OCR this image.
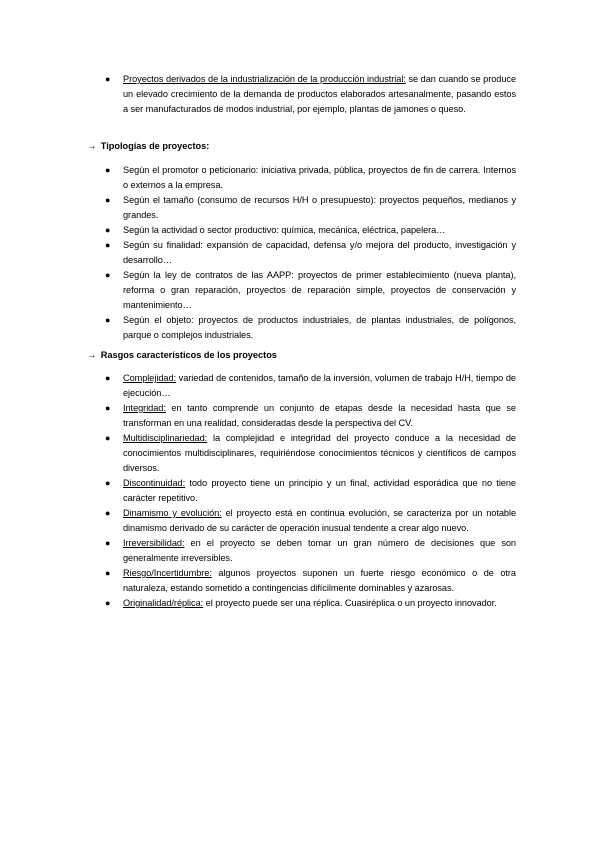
● Proyectos derivados de la industrialización de la producción industrial: se dan cuando se produce un elevado crecimiento de la demanda de productos elaborados artesanalmente, pasando estos a ser manufacturados de modos industrial, por ejemplo, plantas de jamones o queso.
→ Tipologías de proyectos:
● Según el promotor o peticionario: iniciativa privada, pública, proyectos de fin de carrera. Internos o externos a la empresa.
● Según el tamaño (consumo de recursos H/H o presupuesto): proyectos pequeños, medianos y grandes.
● Según la actividad o sector productivo: química, mecánica, eléctrica, papelera…
● Según su finalidad: expansión de capacidad, defensa y/o mejora del producto, investigación y desarrollo…
● Según la ley de contratos de las AAPP: proyectos de primer establecimiento (nueva planta), reforma o gran reparación, proyectos de reparación simple, proyectos de conservación y mantenimiento…
● Según el objeto: proyectos de productos industriales, de plantas industriales, de polígonos, parque o complejos industriales.
→ Rasgos característicos de los proyectos
● Complejidad: variedad de contenidos, tamaño de la inversión, volumen de trabajo H/H, tiempo de ejecución…
● Integridad: en tanto comprende un conjunto de etapas desde la necesidad hasta que se transforman en una realidad, consideradas desde la perspectiva del CV.
● Multidisciplinariedad: la complejidad e integridad del proyecto conduce a la necesidad de conocimientos multidisciplinares, requiriéndose conocimientos técnicos y científicos de campos diversos.
● Discontinuidad: todo proyecto tiene un principio y un final, actividad esporádica que no tiene carácter repetitivo.
● Dinamismo y evolución: el proyecto está en continua evolución, se caracteriza por un notable dinamismo derivado de su carácter de operación inusual tendente a crear algo nuevo.
● Irreversibilidad: en el proyecto se deben tomar un gran número de decisiones que son generalmente irreversibles.
● Riesgo/Incertidumbre: algunos proyectos suponen un fuerte riesgo económico o de otra naturaleza, estando sometido a contingencias difícilmente dominables y azarosas.
● Originalidad/réplica: el proyecto puede ser una réplica. Cuasiréplica o un proyecto innovador.
